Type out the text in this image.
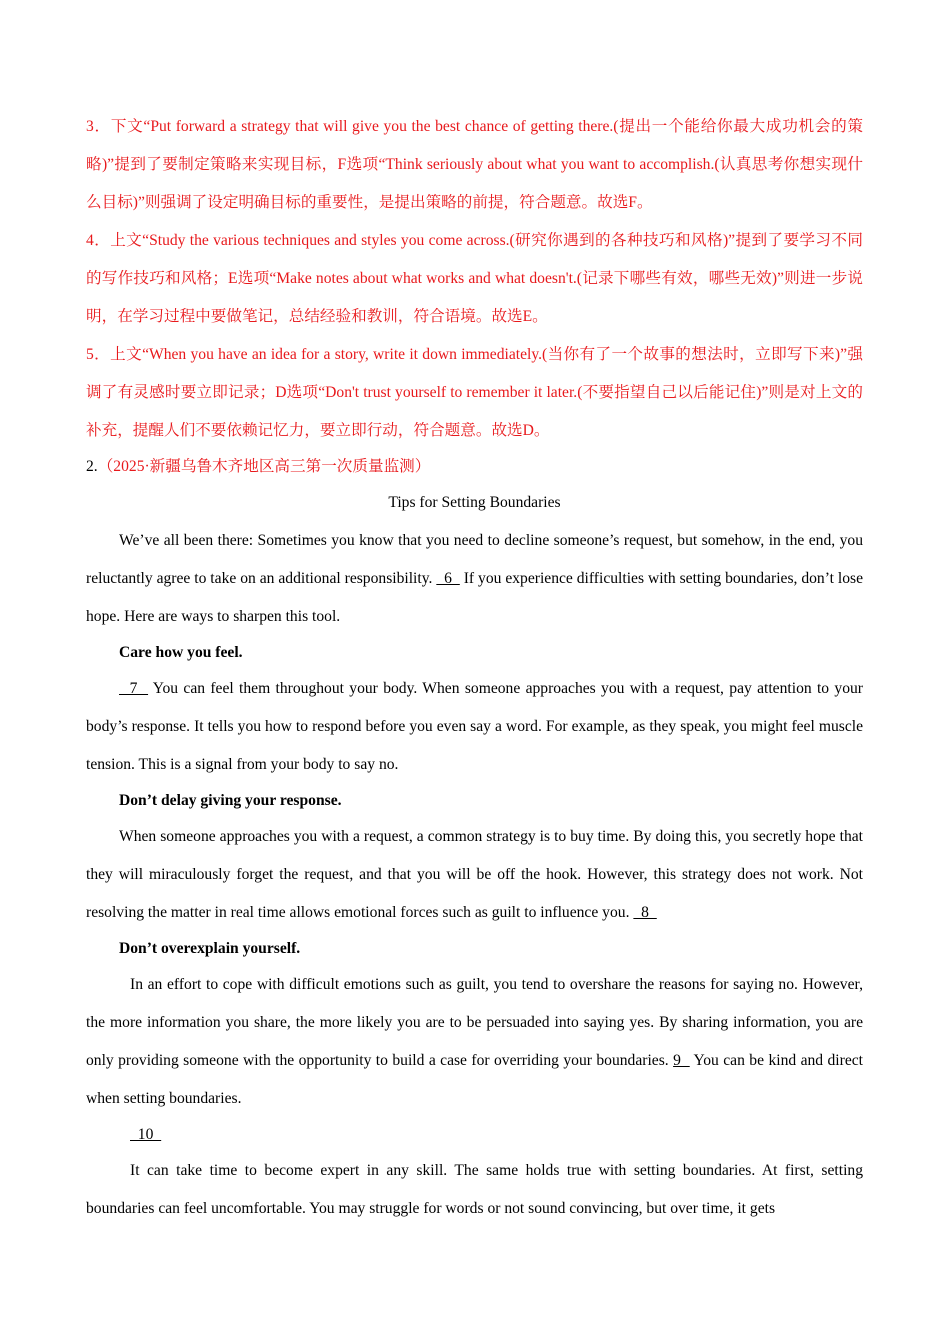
3．下文“Put forward a strategy that will give you the best chance of getting there.(提出一个能给你最大成功机会的策略)”提到了要制定策略来实现目标，F选项“Think seriously about what you want to accomplish.(认真思考你想实现什么目标)”则强调了设定明确目标的重要性，是提出策略的前提，符合题意。故选F。

4．上文“Study the various techniques and styles you come across.(研究你遇到的各种技巧和风格)”提到了要学习不同的写作技巧和风格；E选项“Make notes about what works and what doesn't.(记录下哪些有效，哪些无效)”则进一步说明，在学习过程中要做笔记，总结经验和教训，符合语境。故选E。

5．上文“When you have an idea for a story, write it down immediately.(当你有了一个故事的想法时，立即写下来)”强调了有灵感时要立即记录；D选项“Don't trust yourself to remember it later.(不要指望自己以后能记住)”则是对上文的补充，提醒人们不要依赖记忆力，要立即行动，符合题意。故选D。

2.（2025·新疆乌鲁木齐地区高三第一次质量监测）

Tips for Setting Boundaries

We’ve all been there: Sometimes you know that you need to decline someone’s request, but somehow, in the end, you reluctantly agree to take on an additional responsibility.   6   If you experience difficulties with setting boundaries, don’t lose hope. Here are ways to sharpen this tool.

Care how you feel.

7   You can feel them throughout your body. When someone approaches you with a request, pay attention to your body’s response. It tells you how to respond before you even say a word. For example, as they speak, you might feel muscle tension. This is a signal from your body to say no.

Don’t delay giving your response.

When someone approaches you with a request, a common strategy is to buy time. By doing this, you secretly hope that they will miraculously forget the request, and that you will be off the hook. However, this strategy does not work. Not resolving the matter in real time allows emotional forces such as guilt to influence you.   8

Don’t overexplain yourself.

In an effort to cope with difficult emotions such as guilt, you tend to overshare the reasons for saying no. However, the more information you share, the more likely you are to be persuaded into saying yes. By sharing information, you are only providing someone with the opportunity to build a case for overriding your boundaries. 9   You can be kind and direct when setting boundaries.

10

It can take time to become expert in any skill. The same holds true with setting boundaries. At first, setting boundaries can feel uncomfortable. You may struggle for words or not sound convincing, but over time, it gets
